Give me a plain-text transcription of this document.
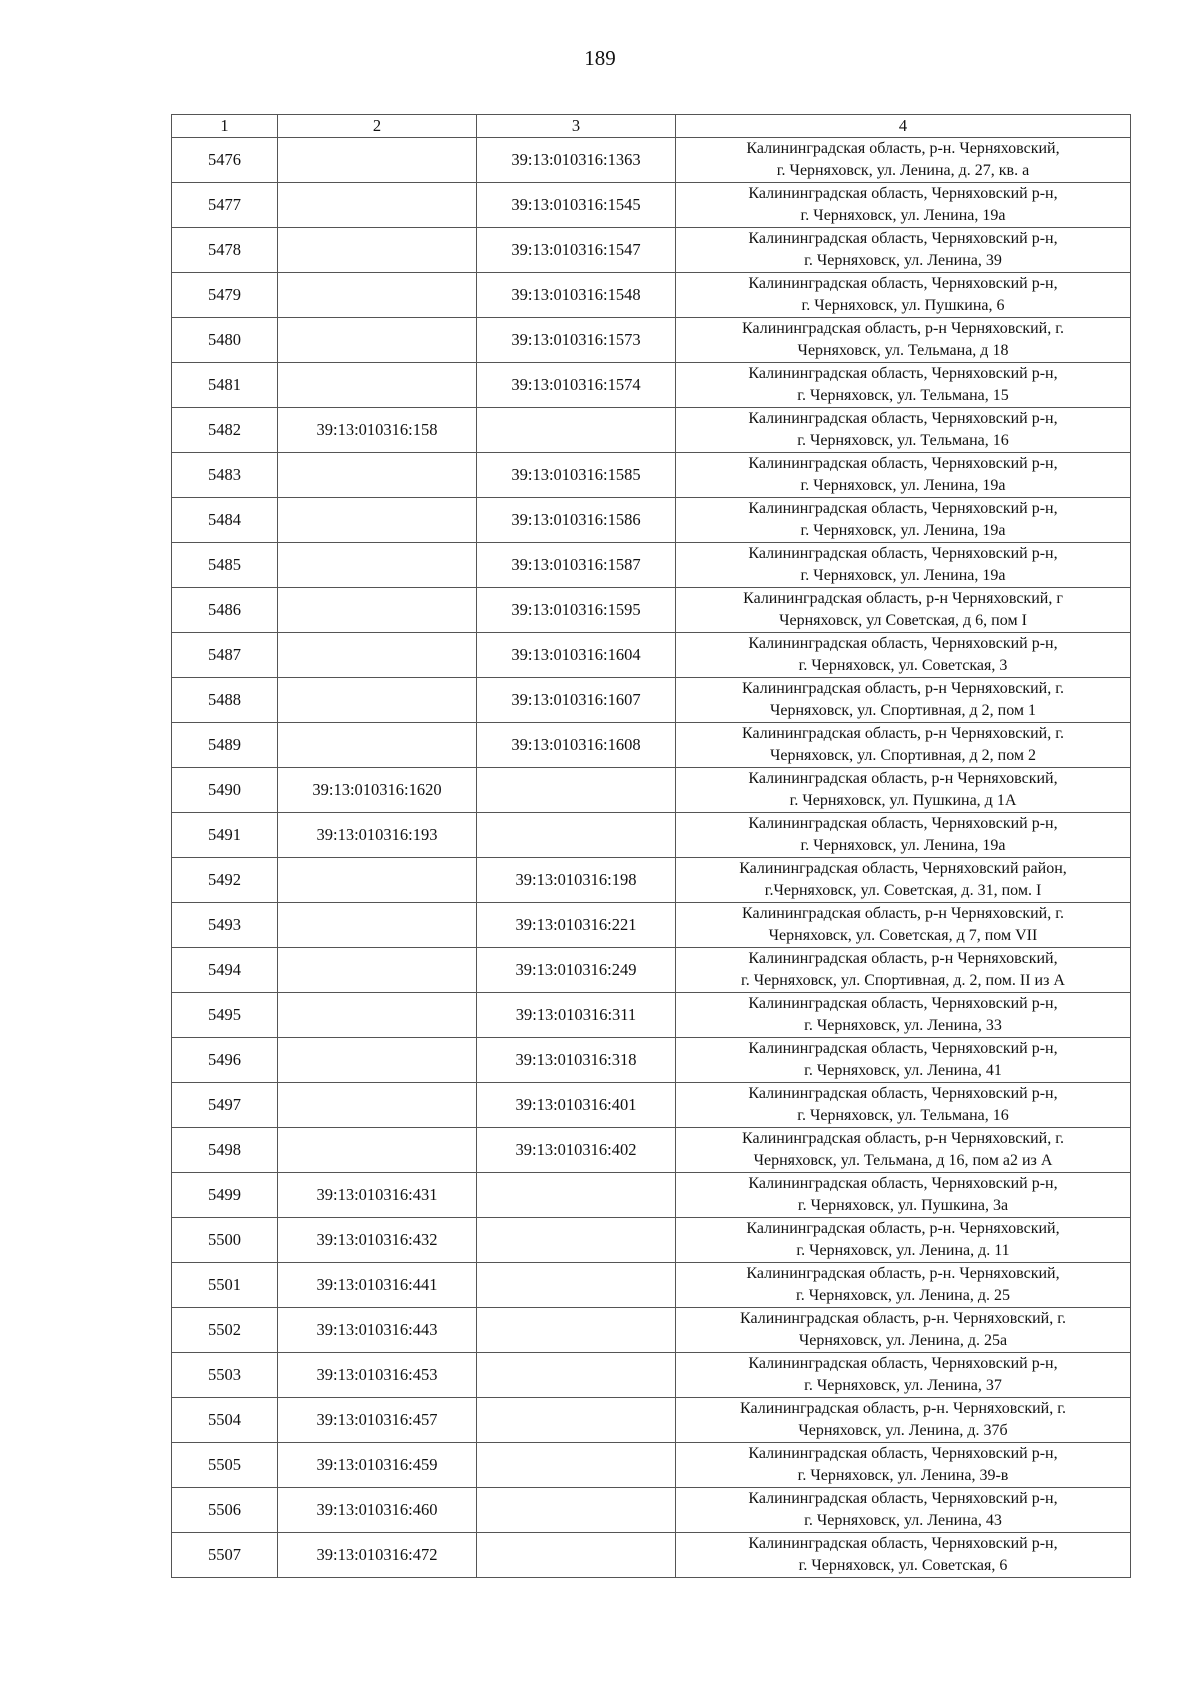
189
1	2	3	4
5476		39:13:010316:1363	Калининградская область, р-н. Черняховский,
г. Черняховск, ул. Ленина, д. 27, кв. а

5477		39:13:010316:1545	Калининградская область, Черняховский р-н,
г. Черняховск, ул. Ленина, 19а

5478		39:13:010316:1547	Калининградская область, Черняховский р-н,
г. Черняховск, ул. Ленина, 39

5479		39:13:010316:1548	Калининградская область, Черняховский р-н,
г. Черняховск, ул. Пушкина, 6

5480		39:13:010316:1573	Калининградская область, р-н Черняховский, г.
Черняховск, ул. Тельмана, д 18

5481		39:13:010316:1574	Калининградская область, Черняховский р-н,
г. Черняховск, ул. Тельмана, 15

5482	39:13:010316:158		Калининградская область, Черняховский р-н,
г. Черняховск, ул. Тельмана, 16

5483		39:13:010316:1585	Калининградская область, Черняховский р-н,
г. Черняховск, ул. Ленина, 19а

5484		39:13:010316:1586	Калининградская область, Черняховский р-н,
г. Черняховск, ул. Ленина, 19а

5485		39:13:010316:1587	Калининградская область, Черняховский р-н,
г. Черняховск, ул. Ленина, 19а

5486		39:13:010316:1595	Калининградская область, р-н Черняховский, г
Черняховск, ул Советская, д 6, пом I

5487		39:13:010316:1604	Калининградская область, Черняховский р-н,
г. Черняховск, ул. Советская, 3

5488		39:13:010316:1607	Калининградская область, р-н Черняховский, г.
Черняховск, ул. Спортивная, д 2, пом 1

5489		39:13:010316:1608	Калининградская область, р-н Черняховский, г.
Черняховск, ул. Спортивная, д 2, пом 2

5490	39:13:010316:1620		Калининградская область, р-н Черняховский,
г. Черняховск, ул. Пушкина, д 1А

5491	39:13:010316:193		Калининградская область, Черняховский р-н,
г. Черняховск, ул. Ленина, 19а

5492		39:13:010316:198	Калининградская область, Черняховский район,
г.Черняховск, ул. Советская, д. 31, пом. I

5493		39:13:010316:221	Калининградская область, р-н Черняховский, г.
Черняховск, ул. Советская, д 7, пом VII

5494		39:13:010316:249	Калининградская область, р-н Черняховский,
г. Черняховск, ул. Спортивная, д. 2, пом. II из А

5495		39:13:010316:311	Калининградская область, Черняховский р-н,
г. Черняховск, ул. Ленина, 33

5496		39:13:010316:318	Калининградская область, Черняховский р-н,
г. Черняховск, ул. Ленина, 41

5497		39:13:010316:401	Калининградская область, Черняховский р-н,
г. Черняховск, ул. Тельмана, 16

5498		39:13:010316:402	Калининградская область, р-н Черняховский, г.
Черняховск, ул. Тельмана, д 16, пом а2 из А

5499	39:13:010316:431		Калининградская область, Черняховский р-н,
г. Черняховск, ул. Пушкина, 3а

5500	39:13:010316:432		Калининградская область, р-н. Черняховский,
г. Черняховск, ул. Ленина, д. 11

5501	39:13:010316:441		Калининградская область, р-н. Черняховский,
г. Черняховск, ул. Ленина, д. 25

5502	39:13:010316:443		Калининградская область, р-н. Черняховский, г.
Черняховск, ул. Ленина, д. 25а

5503	39:13:010316:453		Калининградская область, Черняховский р-н,
г. Черняховск, ул. Ленина, 37

5504	39:13:010316:457		Калининградская область, р-н. Черняховский, г.
Черняховск, ул. Ленина, д. 37б

5505	39:13:010316:459		Калининградская область, Черняховский р-н,
г. Черняховск, ул. Ленина, 39-в

5506	39:13:010316:460		Калининградская область, Черняховский р-н,
г. Черняховск, ул. Ленина, 43

5507	39:13:010316:472		Калининградская область, Черняховский р-н,
г. Черняховск, ул. Советская, 6
